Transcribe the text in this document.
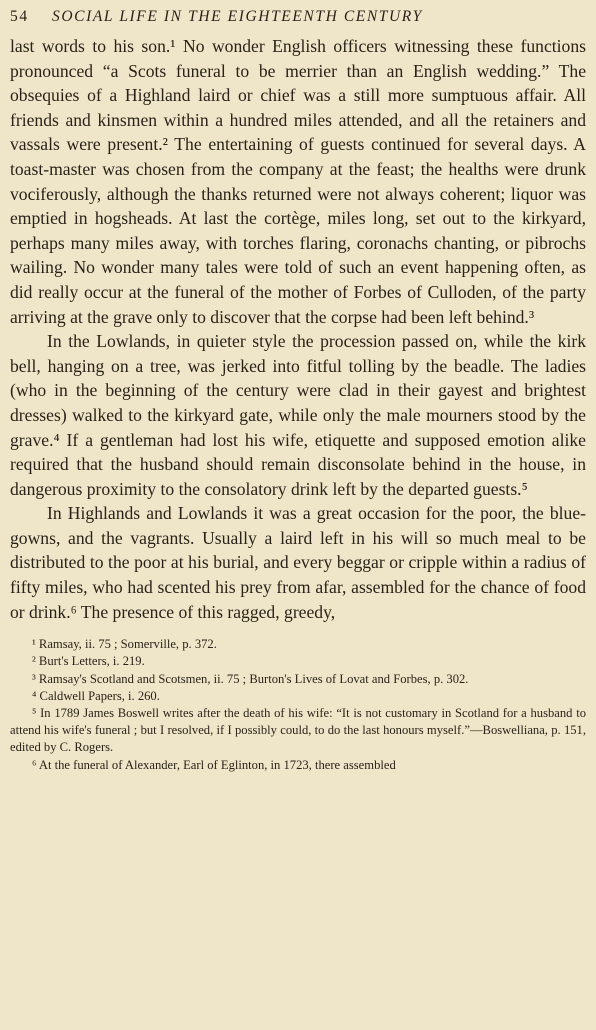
54	SOCIAL LIFE IN THE EIGHTEENTH CENTURY

last words to his son.¹ No wonder English officers witnessing these functions pronounced “a Scots funeral to be merrier than an English wedding.” The obsequies of a Highland laird or chief was a still more sumptuous affair. All friends and kinsmen within a hundred miles attended, and all the retainers and vassals were present.² The entertaining of guests continued for several days. A toast-master was chosen from the company at the feast; the healths were drunk vociferously, although the thanks returned were not always coherent; liquor was emptied in hogsheads. At last the cortège, miles long, set out to the kirkyard, perhaps many miles away, with torches flaring, coronachs chanting, or pibrochs wailing. No wonder many tales were told of such an event happening often, as did really occur at the funeral of the mother of Forbes of Culloden, of the party arriving at the grave only to discover that the corpse had been left behind.³

In the Lowlands, in quieter style the procession passed on, while the kirk bell, hanging on a tree, was jerked into fitful tolling by the beadle. The ladies (who in the beginning of the century were clad in their gayest and brightest dresses) walked to the kirkyard gate, while only the male mourners stood by the grave.⁴ If a gentleman had lost his wife, etiquette and supposed emotion alike required that the husband should remain disconsolate behind in the house, in dangerous proximity to the consolatory drink left by the departed guests.⁵

In Highlands and Lowlands it was a great occasion for the poor, the blue-gowns, and the vagrants. Usually a laird left in his will so much meal to be distributed to the poor at his burial, and every beggar or cripple within a radius of fifty miles, who had scented his prey from afar, assembled for the chance of food or drink.⁶ The presence of this ragged, greedy,

¹ Ramsay, ii. 75 ; Somerville, p. 372.

² Burt's Letters, i. 219.

³ Ramsay's Scotland and Scotsmen, ii. 75 ; Burton's Lives of Lovat and Forbes, p. 302.

⁴ Caldwell Papers, i. 260.

⁵ In 1789 James Boswell writes after the death of his wife: “It is not customary in Scotland for a husband to attend his wife's funeral ; but I resolved, if I possibly could, to do the last honours myself.”—Boswelliana, p. 151, edited by C. Rogers.

⁶ At the funeral of Alexander, Earl of Eglinton, in 1723, there assembled
